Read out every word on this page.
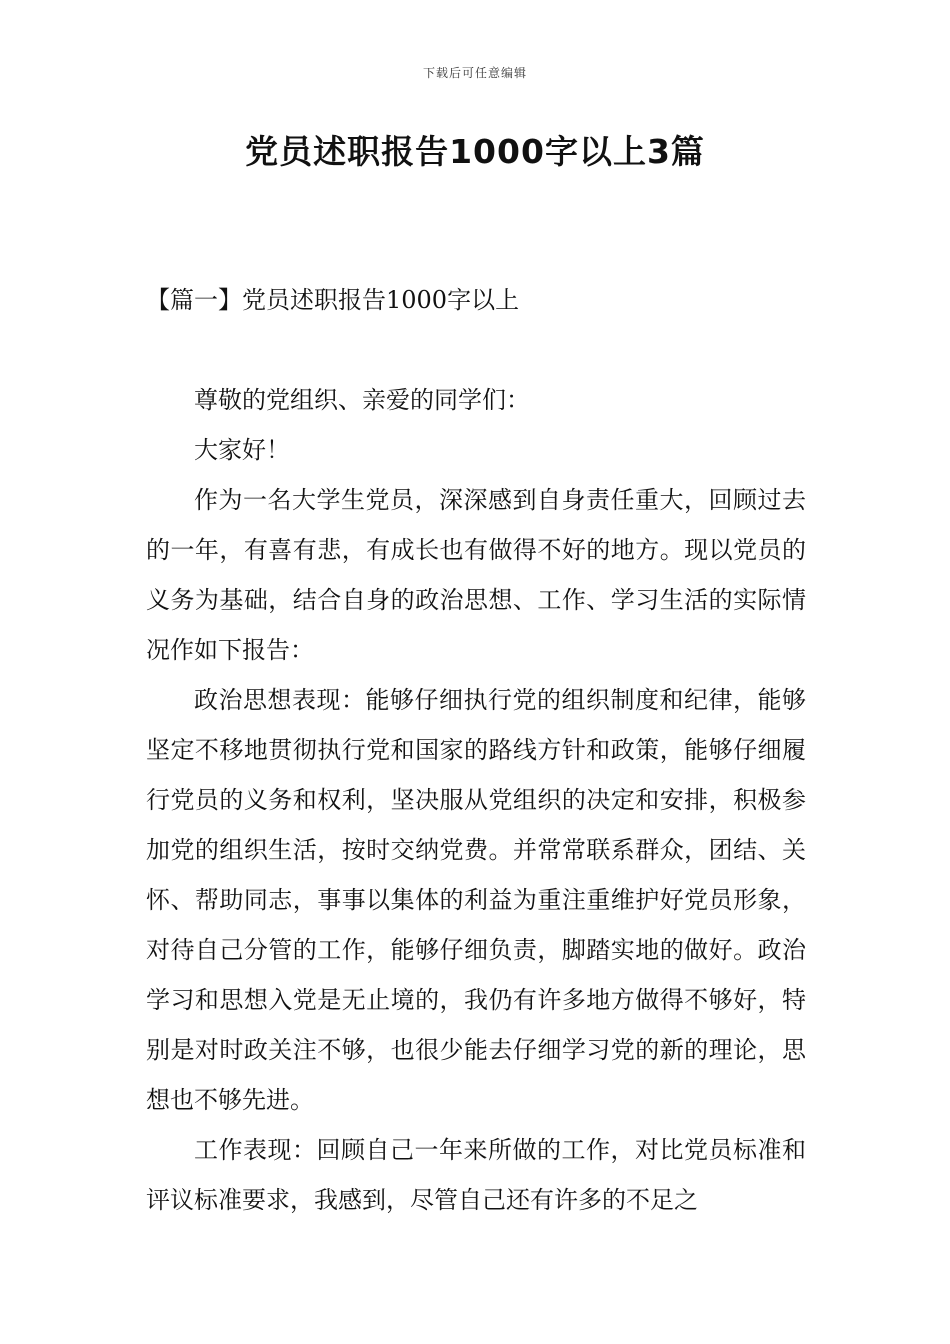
下载后可任意编辑
党员述职报告1000字以上3篇
【篇一】党员述职报告1000字以上

尊敬的党组织、亲爱的同学们：

大家好！

作为一名大学生党员，深深感到自身责任重大，回顾过去的一年，有喜有悲，有成长也有做得不好的地方。现以党员的义务为基础，结合自身的政治思想、工作、学习生活的实际情况作如下报告：

政治思想表现：能够仔细执行党的组织制度和纪律，能够坚定不移地贯彻执行党和国家的路线方针和政策，能够仔细履行党员的义务和权利，坚决服从党组织的决定和安排，积极参加党的组织生活，按时交纳党费。并常常联系群众，团结、关怀、帮助同志，事事以集体的利益为重注重维护好党员形象，对待自己分管的工作，能够仔细负责，脚踏实地的做好。政治学习和思想入党是无止境的，我仍有许多地方做得不够好，特别是对时政关注不够，也很少能去仔细学习党的新的理论，思想也不够先进。

工作表现：回顾自己一年来所做的工作，对比党员标准和评议标准要求，我感到，尽管自己还有许多的不足之
